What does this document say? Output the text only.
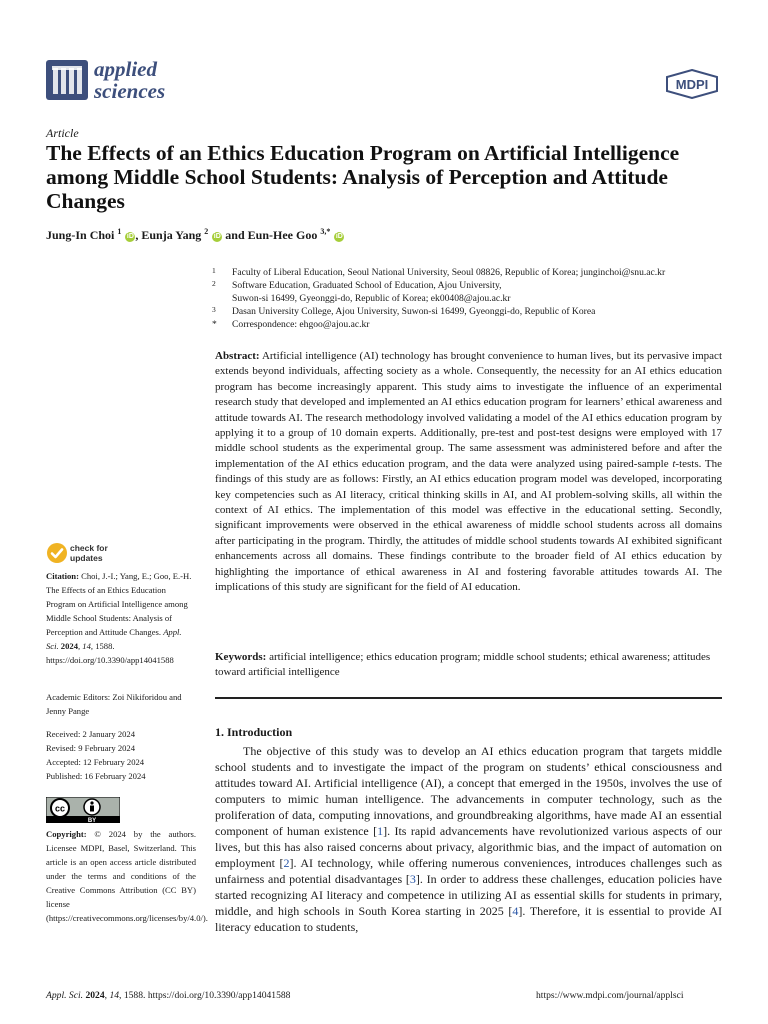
applied
sciences	MDPI
Article
The Effects of an Ethics Education Program on Artificial Intelligence among Middle School Students: Analysis of Perception and Attitude Changes
Jung-In Choi $^1$ iD , Eunja Yang $^2$ iD and Eun-Hee Goo $^{3,*}$ iD
1 Faculty of Liberal Education, Seoul National University, Seoul 08826, Republic of Korea; junginchoi@snu.ac.kr
2 Software Education, Graduated School of Education, Ajou University,
Suwon-si 16499, Gyeonggi-do, Republic of Korea; ek00408@ajou.ac.kr
3 Dasan University College, Ajou University, Suwon-si 16499, Gyeonggi-do, Republic of Korea
* Correspondence: ehgoo@ajou.ac.kr
Abstract: Artificial intelligence (AI) technology has brought convenience to human lives, but its pervasive impact extends beyond individuals, affecting society as a whole. Consequently, the necessity for an AI ethics education program has become increasingly apparent. This study aims to investigate the influence of an experimental research study that developed and implemented an AI ethics education program for learners’ ethical awareness and attitude towards AI. The research methodology involved validating a model of the AI ethics education program by applying it to a group of 10 domain experts. Additionally, pre-test and post-test designs were employed with 17 middle school students as the experimental group. The same assessment was administered before and after the implementation of the AI ethics education program, and the data were analyzed using paired-sample t-tests. The findings of this study are as follows: Firstly, an AI ethics education program model was developed, incorporating key competencies such as AI literacy, critical thinking skills in AI, and AI problem-solving skills, all within the context of AI ethics. The implementation of this model was effective in the educational setting. Secondly, significant improvements were observed in the ethical awareness of middle school students across all domains after participating in the program. Thirdly, the attitudes of middle school students towards AI exhibited significant enhancements across all domains. These findings contribute to the broader field of AI ethics education by highlighting the importance of ethical awareness in AI and fostering favorable attitudes towards AI. The implications of this study are significant for the field of AI education.
Keywords: artificial intelligence; ethics education program; middle school students; ethical awareness; attitudes toward artificial intelligence
1. Introduction
The objective of this study was to develop an AI ethics education program that targets middle school students and to investigate the impact of the program on students’ ethical consciousness and attitudes toward AI. Artificial intelligence (AI), a concept that emerged in the 1950s, involves the use of computers to mimic human intelligence. The advancements in computer technology, such as the proliferation of data, computing innovations, and groundbreaking algorithms, have made AI an essential component of human existence [1]. Its rapid advancements have revolutionized various aspects of our lives, but this has also raised concerns about privacy, algorithmic bias, and the impact of automation on employment [2]. AI technology, while offering numerous conveniences, introduces challenges such as unfairness and potential disadvantages [3]. In order to address these challenges, education policies have started recognizing AI literacy and competence in utilizing AI as essential skills for students in primary, middle, and high schools in South Korea starting in 2025 [4]. Therefore, it is essential to provide AI literacy education to students,
check for
updates
Citation: Choi, J.-I.; Yang, E.; Goo, E.-H. The Effects of an Ethics Education Program on Artificial Intelligence among Middle School Students: Analysis of Perception and Attitude Changes. Appl. Sci. 2024, 14, 1588. https://doi.org/10.3390/app14041588
Academic Editors: Zoi Nikiforidou and Jenny Pange
Received: 2 January 2024
Revised: 9 February 2024
Accepted: 12 February 2024
Published: 16 February 2024
cc
BY
Copyright: © 2024 by the authors. Licensee MDPI, Basel, Switzerland. This article is an open access article distributed under the terms and conditions of the Creative Commons Attribution (CC BY) license (https://creativecommons.org/licenses/by/4.0/).
Appl. Sci. 2024, 14, 1588. https://doi.org/10.3390/app14041588	https://www.mdpi.com/journal/applsci
